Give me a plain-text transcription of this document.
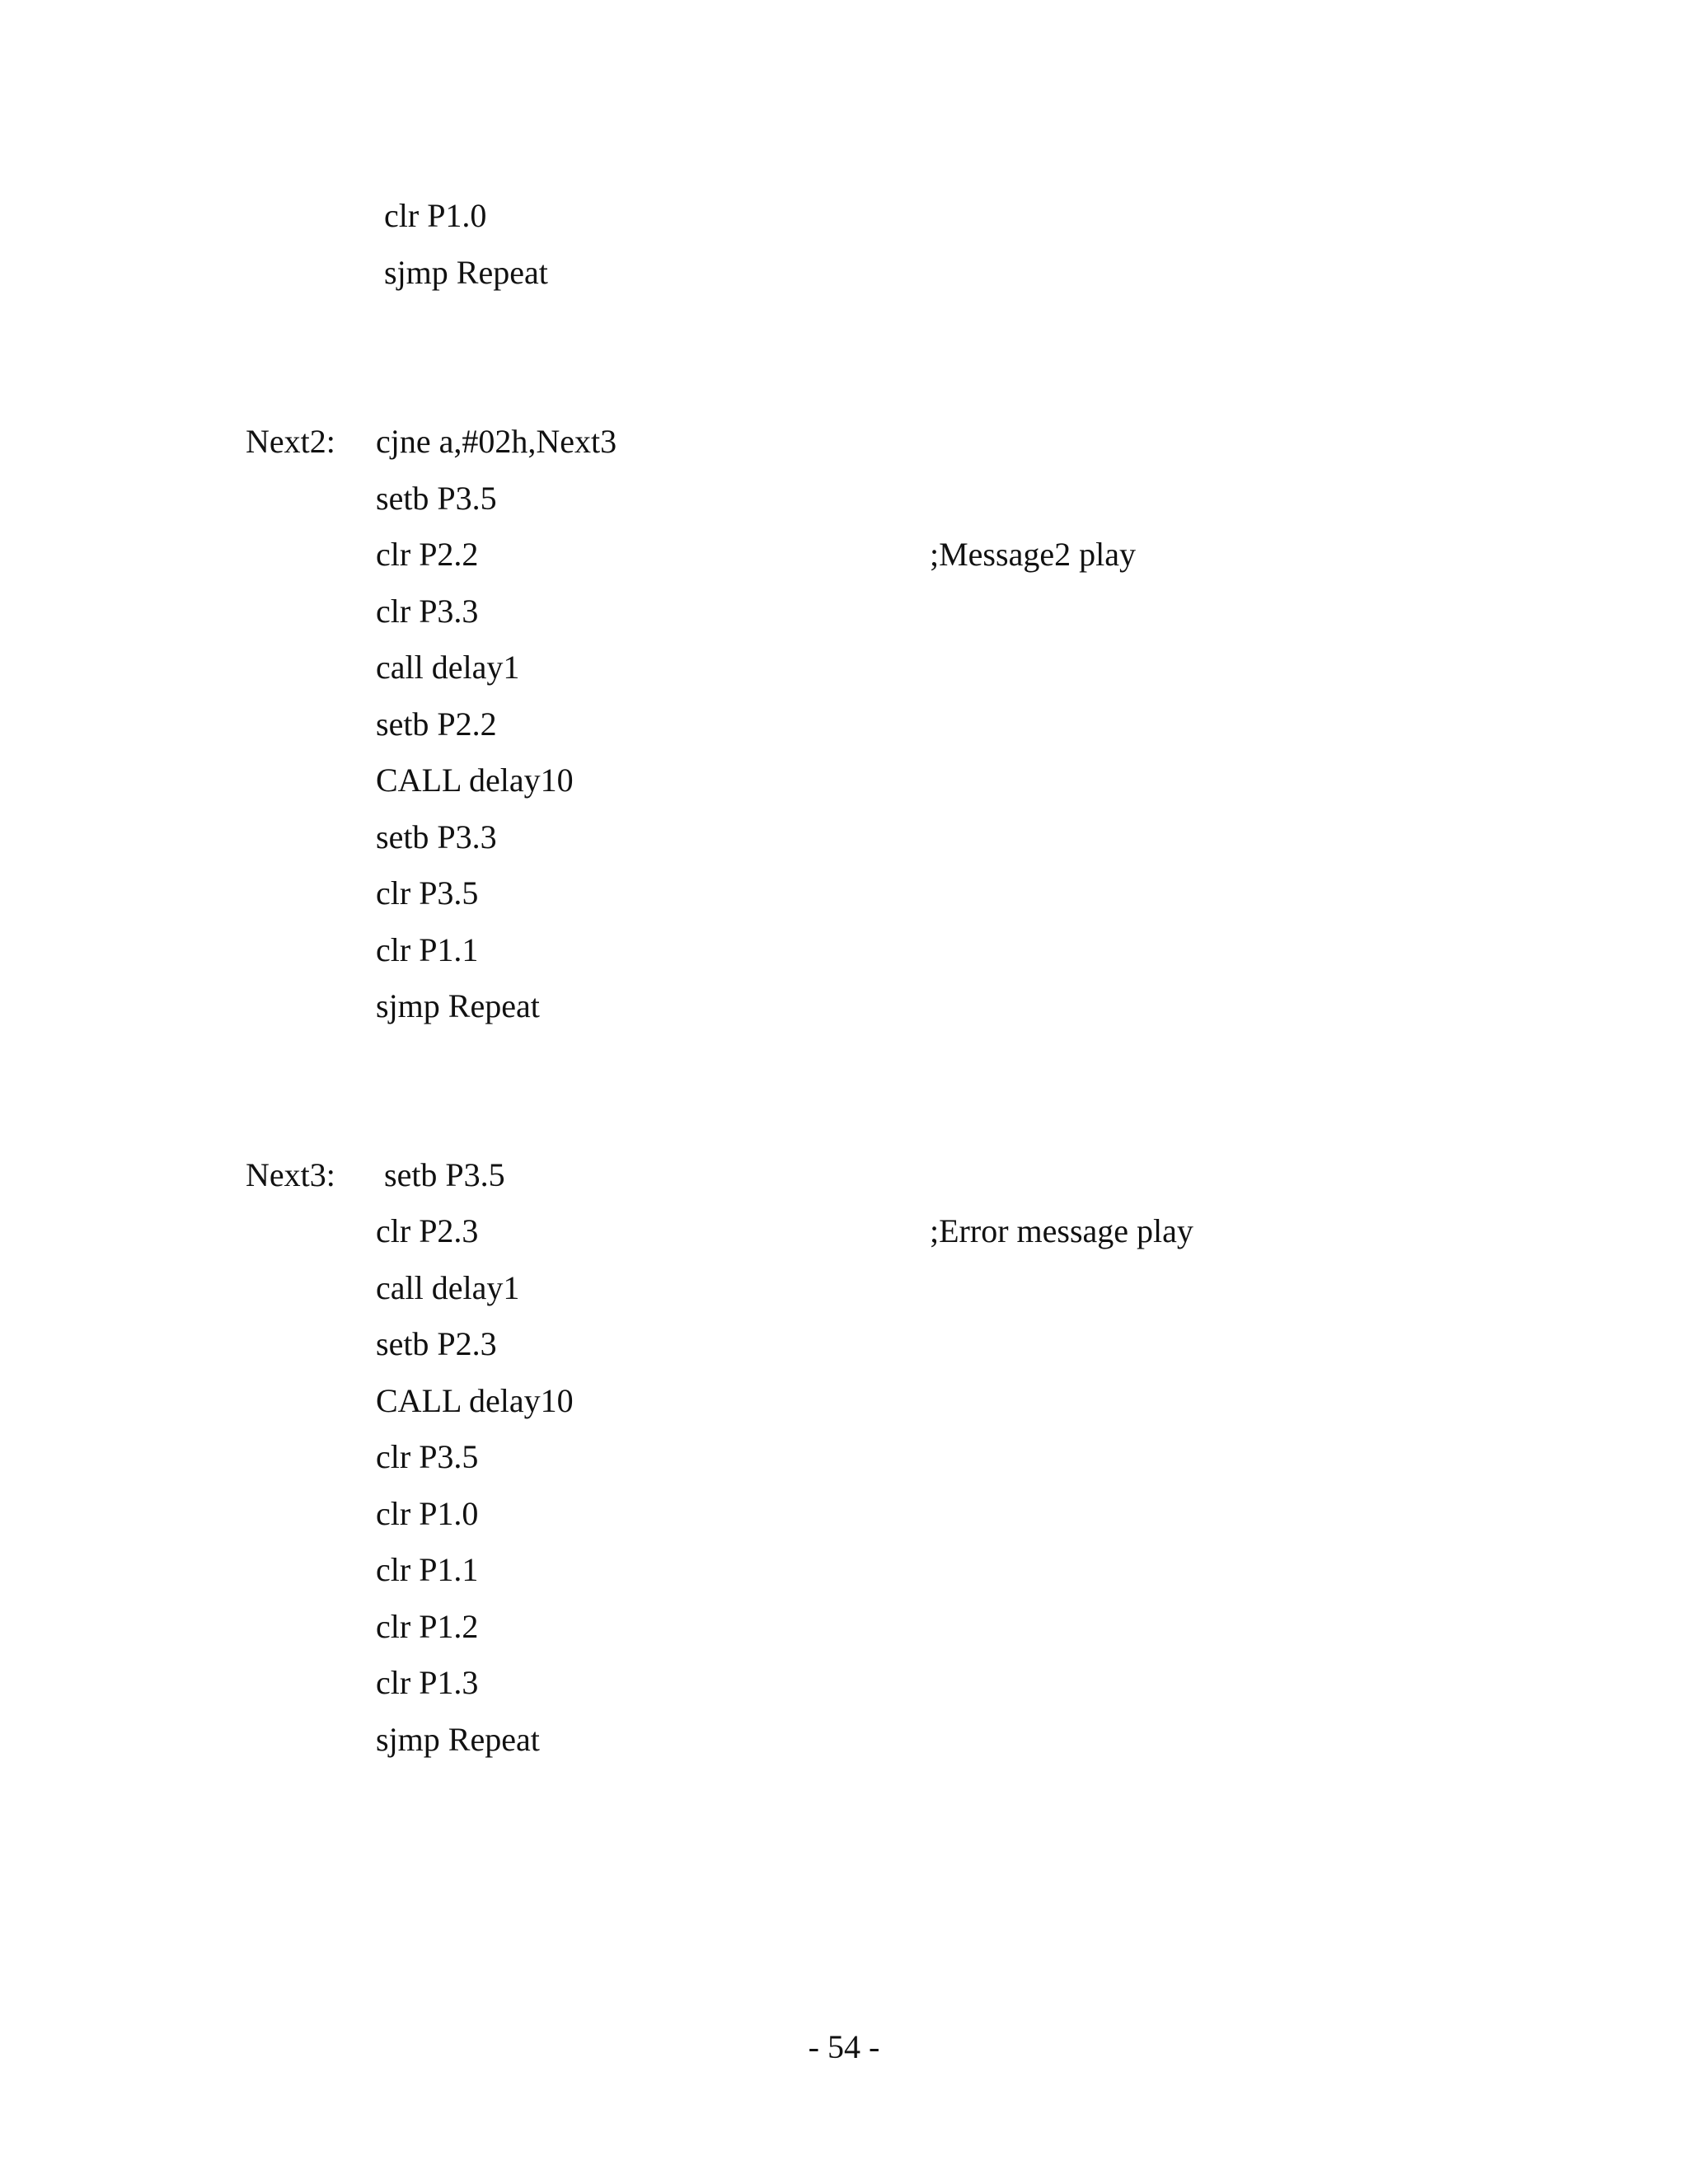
clr P1.0
sjmp Repeat
Next2: cjne a,#02h,Next3
setb P3.5
clr P2.2	;Message2 play
clr P3.3
call delay1
setb P2.2
CALL delay10
setb P3.3
clr P3.5
clr P1.1
sjmp Repeat
Next3: setb P3.5
clr P2.3	;Error message play
call delay1
setb P2.3
CALL delay10
clr P3.5
clr P1.0
clr P1.1
clr P1.2
clr P1.3
sjmp Repeat
- 54 -
